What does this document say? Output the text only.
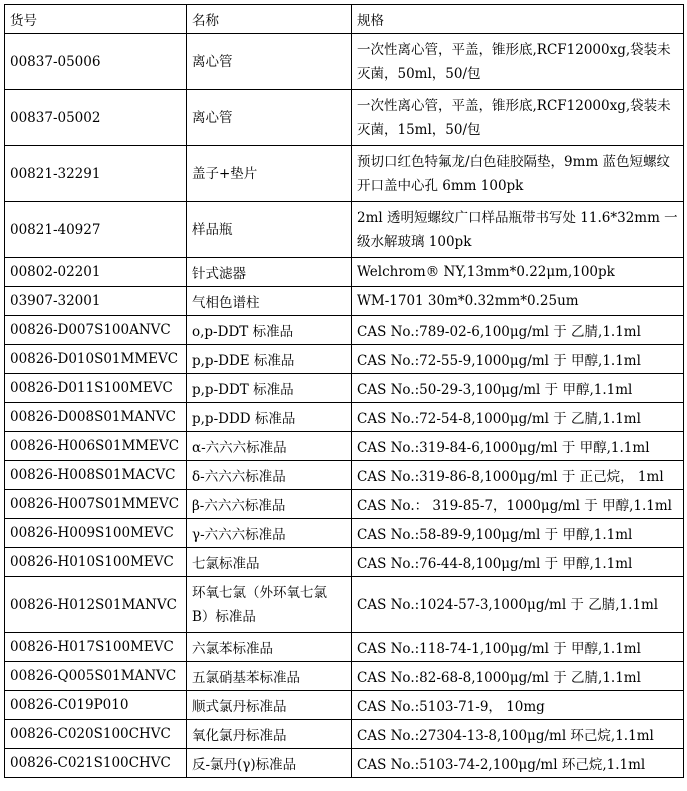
货号	名称	规格
00837-05006	离心管	一次性离心管，平盖，锥形底,RCF12000xg,袋装未灭菌，50ml，50/包
00837-05002	离心管	一次性离心管，平盖，锥形底,RCF12000xg,袋装未灭菌，15ml，50/包
00821-32291	盖子+垫片	预切口红色特氟龙/白色硅胶隔垫，9mm 蓝色短螺纹开口盖中心孔 6mm 100pk
00821-40927	样品瓶	2ml 透明短螺纹广口样品瓶带书写处 11.6*32mm 一级水解玻璃 100pk
00802-02201	针式滤器	Welchrom® NY,13mm*0.22μm,100pk
03907-32001	气相色谱柱	WM-1701 30m*0.32mm*0.25um
00826-D007S100ANVC	o,p-DDT 标准品	CAS No.:789-02-6,100μg/ml 于 乙腈,1.1ml
00826-D010S01MMEVC	p,p-DDE 标准品	CAS No.:72-55-9,1000μg/ml 于 甲醇,1.1ml
00826-D011S100MEVC	p,p-DDT 标准品	CAS No.:50-29-3,100μg/ml 于 甲醇,1.1ml
00826-D008S01MANVC	p,p-DDD 标准品	CAS No.:72-54-8,1000μg/ml 于 乙腈,1.1ml
00826-H006S01MMEVC	α-六六六标准品	CAS No.:319-84-6,1000μg/ml 于 甲醇,1.1ml
00826-H008S01MACVC	δ-六六六标准品	CAS No.:319-86-8,1000μg/ml 于 正己烷， 1ml
00826-H007S01MMEVC	β-六六六标准品	CAS No.： 319-85-7，1000μg/ml 于 甲醇,1.1ml
00826-H009S100MEVC	γ-六六六标准品	CAS No.:58-89-9,100μg/ml 于 甲醇,1.1ml
00826-H010S100MEVC	七氯标准品	CAS No.:76-44-8,100μg/ml 于 甲醇,1.1ml
00826-H012S01MANVC	环氧七氯（外环氧七氯 B）标准品	CAS No.:1024-57-3,1000μg/ml 于 乙腈,1.1ml
00826-H017S100MEVC	六氯苯标准品	CAS No.:118-74-1,100μg/ml 于 甲醇,1.1ml
00826-Q005S01MANVC	五氯硝基苯标准品	CAS No.:82-68-8,1000μg/ml 于 乙腈,1.1ml
00826-C019P010	顺式氯丹标准品	CAS No.:5103-71-9， 10mg
00826-C020S100CHVC	氧化氯丹标准品	CAS No.:27304-13-8,100μg/ml 环己烷,1.1ml
00826-C021S100CHVC	反-氯丹(γ)标准品	CAS No.:5103-74-2,100μg/ml 环己烷,1.1ml
